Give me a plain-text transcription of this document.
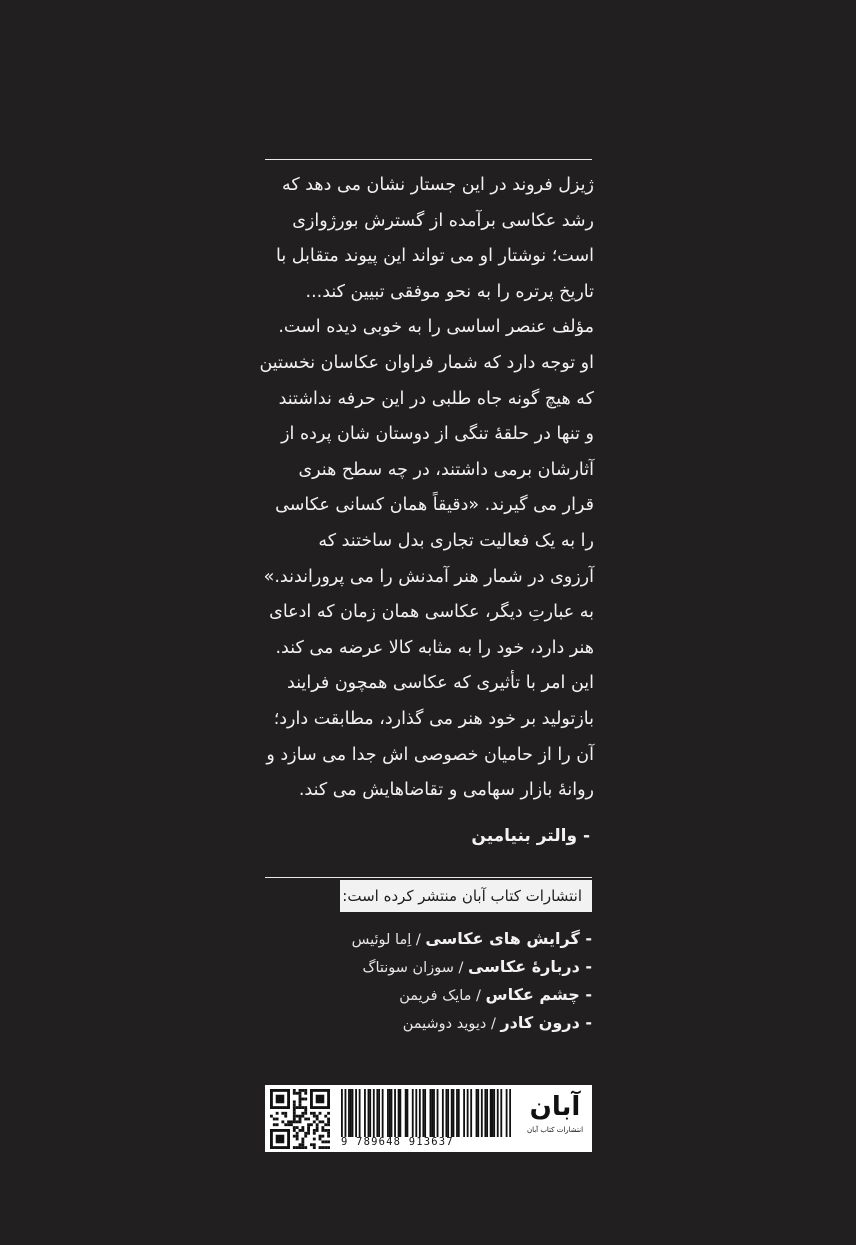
ژیزل فروند در این جستار نشان می دهد که
رشد عکاسی برآمده از گسترش بورژوازی
است؛ نوشتار او می تواند این پیوند متقابل با
تاریخ پرتره را به نحو موفقی تبیین کند...
مؤلف عنصر اساسی را به خوبی دیده است.
او توجه دارد که شمار فراوان عکاسان نخستین
که هیچ گونه جاه طلبی در این حرفه نداشتند
و تنها در حلقهٔ تنگی از دوستان شان پرده از
آثارشان برمی داشتند، در چه سطح هنری
قرار می گیرند. «دقیقاً همان کسانی عکاسی
را به یک فعالیت تجاری بدل ساختند که
آرزوی در شمار هنر آمدنش را می پروراندند.»
به عبارتِ دیگر، عکاسی همان زمان که ادعای
هنر دارد، خود را به مثابه کالا عرضه می کند.
این امر با تأثیری که عکاسی همچون فرایند
بازتولید بر خود هنر می گذارد، مطابقت دارد؛
آن را از حامیان خصوصی اش جدا می سازد و
روانهٔ بازار سهامی و تقاضاهایش می کند.
- والتر بنیامین
انتشارات کتاب آبان منتشر کرده است:
- گرایش های عکاسی / اِما لوئیس
- دربارهٔ عکاسی / سوزان سونتاگ
- چشم عکاس / مایک فریمن
- درون کادر / دیوید دوشیمن
9 789648 913637
آبان
انتشارات کتاب آبان
